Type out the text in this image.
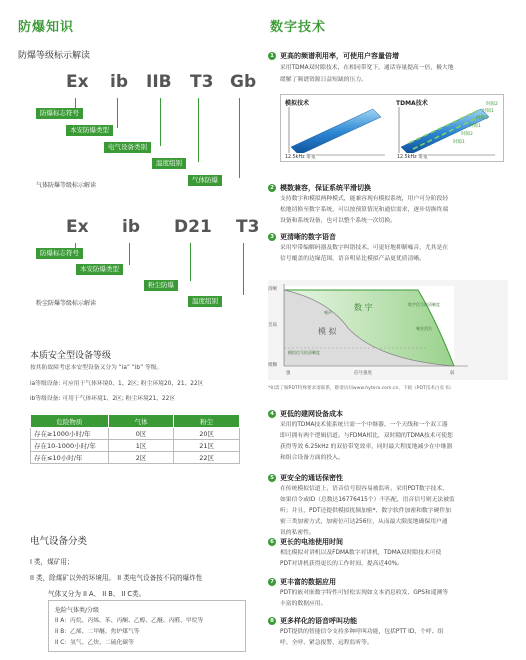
防爆知识
防爆等级标示解读
Ex ib IIB T3 Gb
防爆标志符号
本安防爆类型
电气设备类别
温度组别
气体防爆
气体防爆等级标示解读
Ex ib D21 T3
防爆标志符号
本安防爆类型
粉尘防爆
温度组别
粉尘防爆等级标示解读
本质安全型设备等级
按其防故障考虑本安型设备又分为 “ia” “ib” 等级。
ia等级设备: 可应用于气体环境0、1、2区; 粉尘环境20、21、22区
ib等级设备: 可用于气体环境1、2区; 粉尘环境21、22区
危险物质	气体	粉尘
存在≥1000小时/年	0区	20区
存在10-1000小时/年	1区	21区
存在≤10小时/年	2区	22区
电气设备分类
I 类，煤矿用；
II 类，除煤矿以外的环境用。 II 类电气设备按不同的爆炸性
气体又分为 II A、 II B、 II C类。
危险气体类/分级
II A：丙烷、丙烯、苯、丙酮、乙醇、乙醚、丙醛、甲烷等
II B：乙烯、二甲醚、焦炉煤气等
II C：氢气、乙炔、二硫化碳等
数字技术
1 更高的频谱利用率，可使用户容量倍增
采用TDMA双时隙技术，在相同带宽下，通话容量提高一倍，极大地
缓解了频谱资源日益短缺的压力。
模拟技术	TDMA技术
12.5kHz 带宽	12.5kHz 带宽
时隙2
时隙1
时隙2
时隙1
时隙2
时隙1
2 模数兼容，保证系统平滑切换
支持数字和模拟两种模式，能兼容现有模拟系统，用户可分阶段轻
松地切换至数字系统，可以按预算情况和通信需求，逐步切换终端
设备和系统设备，也可以整个系统一次切换。
3 更清晰的数字语音
采用窄带编解码器及数字纠错技术，可更好地抑制噪音，尤其是在
信号覆盖的边缘范围，语音明显比模拟产品更优质清晰。
清晰
音质
模糊
强	信号强度	弱
数 字
模 拟
数字信号的清晰度
噪声
噪音消失
模拟信号的清晰度
*如需了解PDT特殊要求请联系，敬请访问www.hytera.com.cn，下载《PDT技术白皮书》
4 更低的建网设备成本
采用的TDMA技术使系统只需一个中继器、一个天线和一个双工器
即可拥有两个逻辑信道。与FDMA相比，双时隙的TDMA技术可使您
获得等效 6.25kHz 的双倍带宽效率，同时最大程度地减少在中继器
和组合设备方面的投入。
5 更安全的通话保密性
在传统模拟信道上，语音信号很容易被监听。采用PDT数字技术，
如果信令或ID（总数达16776415个）不匹配，语音信号则无法被监
听；并且，PDT还提供模拟扰频加密*、数字软件加密和数字硬件加
密三类加密方式，加密位可达256位，从而最大限度地确保用户通
讯的私密性。
6 更长的电池使用时间
相比模拟对讲机以及FDMA数字对讲机，TDMA双时隙技术可使
PDT对讲机获得更长的工作时间，提高近40%。
7 更丰富的数据应用
PDT的嵌对嵌数字特性可轻松实现如文本消息收发、GPS和遥测等
丰富的数据应用。
8 更多样化的语音呼叫功能
PDT提供的智能信令支持多种呼叫功能，包括PTT ID、个呼、组
呼、全呼、紧急报警、远程监听等。
